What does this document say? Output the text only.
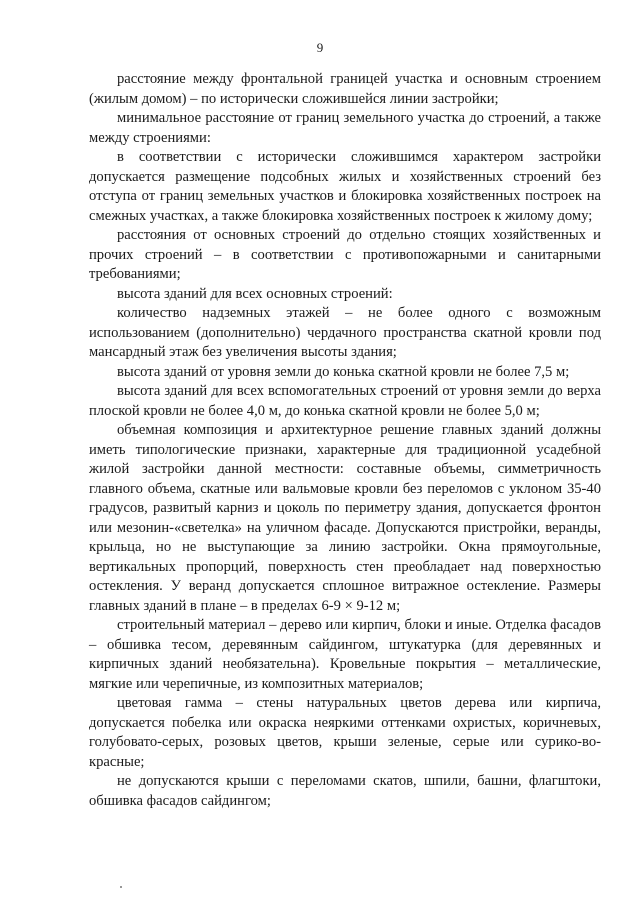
9

расстояние между фронтальной границей участка и основным строением (жилым домом) – по исторически сложившейся линии застройки;

минимальное расстояние от границ земельного участка до строений, а также между строениями:

в соответствии с исторически сложившимся характером застройки допускается размещение подсобных жилых и хозяйственных строений без отступа от границ земельных участков и блокировка хозяйственных построек на смежных участках, а также блокировка хозяйственных построек к жилому дому;

расстояния от основных строений до отдельно стоящих хозяйственных и прочих строений – в соответствии с противопожарными и санитарными требованиями;

высота зданий для всех основных строений:

количество надземных этажей – не более одного с возможным использованием (дополнительно) чердачного пространства скатной кровли под мансардный этаж без увеличения высоты здания;

высота зданий от уровня земли до конька скатной кровли не более 7,5 м;

высота зданий для всех вспомогательных строений от уровня земли до верха плоской кровли не более 4,0 м, до конька скатной кровли не более 5,0 м;

объемная композиция и архитектурное решение главных зданий должны иметь типологические признаки, характерные для традиционной усадебной жилой застройки данной местности: составные объемы, симметричность главного объема, скатные или вальмовые кровли без переломов с уклоном 35-40 градусов, развитый карниз и цоколь по периметру здания, допускается фронтон или мезонин-«светелка» на уличном фасаде. Допускаются пристройки, веранды, крыльца, но не выступающие за линию застройки. Окна прямоугольные, вертикальных пропорций, поверхность стен преобладает над поверхностью остекления. У веранд допускается сплошное витражное остекление. Размеры главных зданий в плане – в пределах 6-9 × 9-12 м;

строительный материал – дерево или кирпич, блоки и иные. Отделка фасадов – обшивка тесом, деревянным сайдингом, штукатурка (для деревянных и кирпичных зданий необязательна). Кровельные покрытия – металлические, мягкие или черепичные, из композитных материалов;

цветовая гамма – стены натуральных цветов дерева или кирпича, допускается побелка или окраска неяркими оттенками охристых, коричневых, голубовато-серых, розовых цветов, крыши зеленые, серые или сурико-во-красные;

не допускаются крыши с переломами скатов, шпили, башни, флагштоки, обшивка фасадов сайдингом;
